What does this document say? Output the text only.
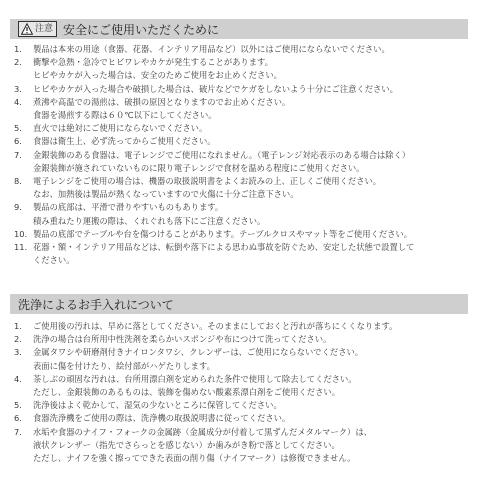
注意 安全にご使用いただくために
1.	製品は本来の用途（食器、花器、インテリア用品など）以外にはご使用にならないでください。
2.	衝撃や急熱・急冷でヒビワレやカケが発生することがあります。
ヒビやカケが入った場合は、安全のためご使用をお止めください。
3.	ヒビやカケが入った場合や破損した場合は、破片などでケガをしないよう十分にご注意ください。
4.	煮沸や高温での湯煎は、破損の原因となりますのでお止めください。
食器を湯煎する際は６０℃以下にしてください。
5.	直火では絶対にご使用にならないでください。
6.	食器は衛生上、必ず洗ってからご使用ください。
7.	金銀装飾のある食器は、電子レンジでご使用になれません。（電子レンジ対応表示のある場合は除く）
金銀装飾が施されていないものに限り電子レンジで食材を温める程度にご使用ください。
8.	電子レンジをご使用の場合は、機器の取扱説明書をよくお読みの上、正しくご使用ください。
なお、加熱後は製品が熱くなっていますので火傷に十分ご注意下さい。
9.	製品の底部は、平滑で滑りやすいものもあります。
積み重ねたり運搬の際は、くれぐれも落下にご注意ください。
10. 製品の底部でテーブルや台を傷つけることがあります。テーブルクロスやマット等をご使用ください。
11. 花器・額・インテリア用品などは、転倒や落下による思わぬ事故を防ぐため、安定した状態で設置して
ください。
洗浄によるお手入れについて
1.	ご使用後の汚れは、早めに落としてください。そのままにしておくと汚れが落ちにくくなります。
2.	洗浄の場合は台所用中性洗剤を柔らかいスポンジや布につけて洗ってください。
3.	金属タワシや研磨剤付きナイロンタワシ、クレンザーは、ご使用にならないでください。
表面に傷を付けたり、絵付部がハゲたりします。
4.	茶しぶの頑固な汚れは、台所用漂白剤を定められた条件で使用して除去してください。
ただし、金銀装飾のあるものは、装飾を傷めない酸素系漂白剤をご使用ください。
5.	洗浄後はよく乾かして、湿気の少ないところに保管してください。
6.	食器洗浄機をご使用の際は、洗浄機の取扱説明書に従ってください。
7.	水垢や食器のナイフ・フォークの金属跡（金属成分が付着して黒ずんだメタルマーク）は、
液状クレンザー（指先でさらっとを感じない）か歯みがき粉で落としてください。
ただし、ナイフを強く擦ってできた表面の削り傷（ナイフマーク）は修復できません。
